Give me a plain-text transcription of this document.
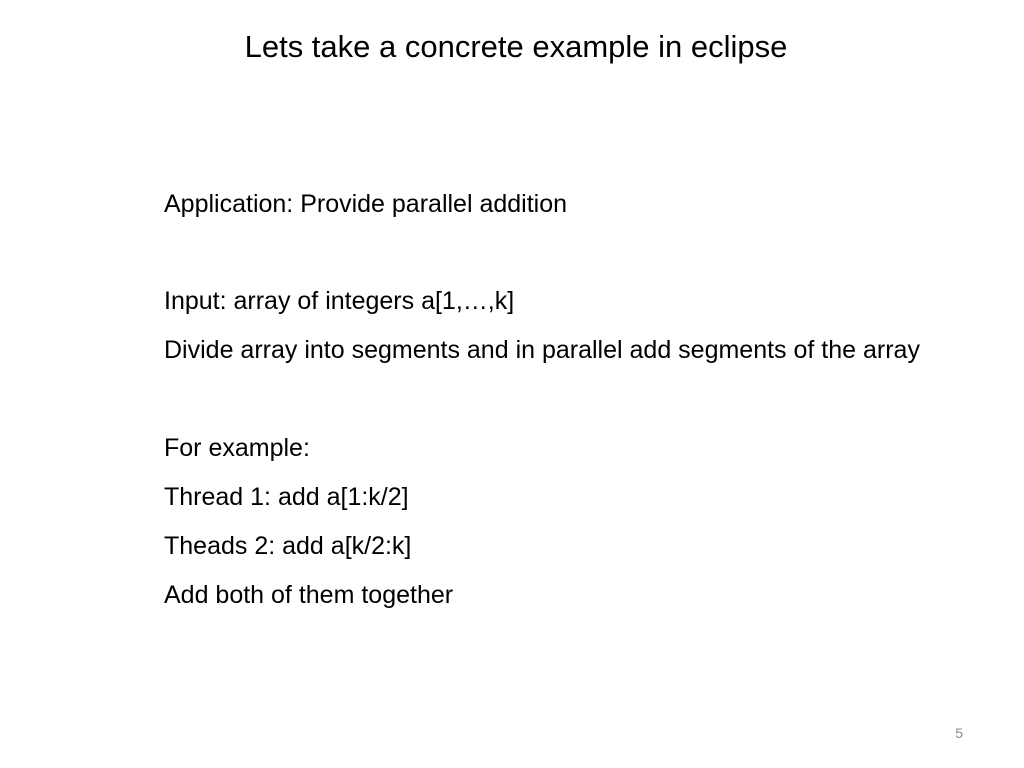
Lets take a concrete example in eclipse

Application: Provide parallel addition

Input: array of integers a[1,…,k]

Divide array into segments and in parallel add segments of the array

For example:

Thread 1: add a[1:k/2]

Theads 2: add a[k/2:k]

Add both of them together

5
